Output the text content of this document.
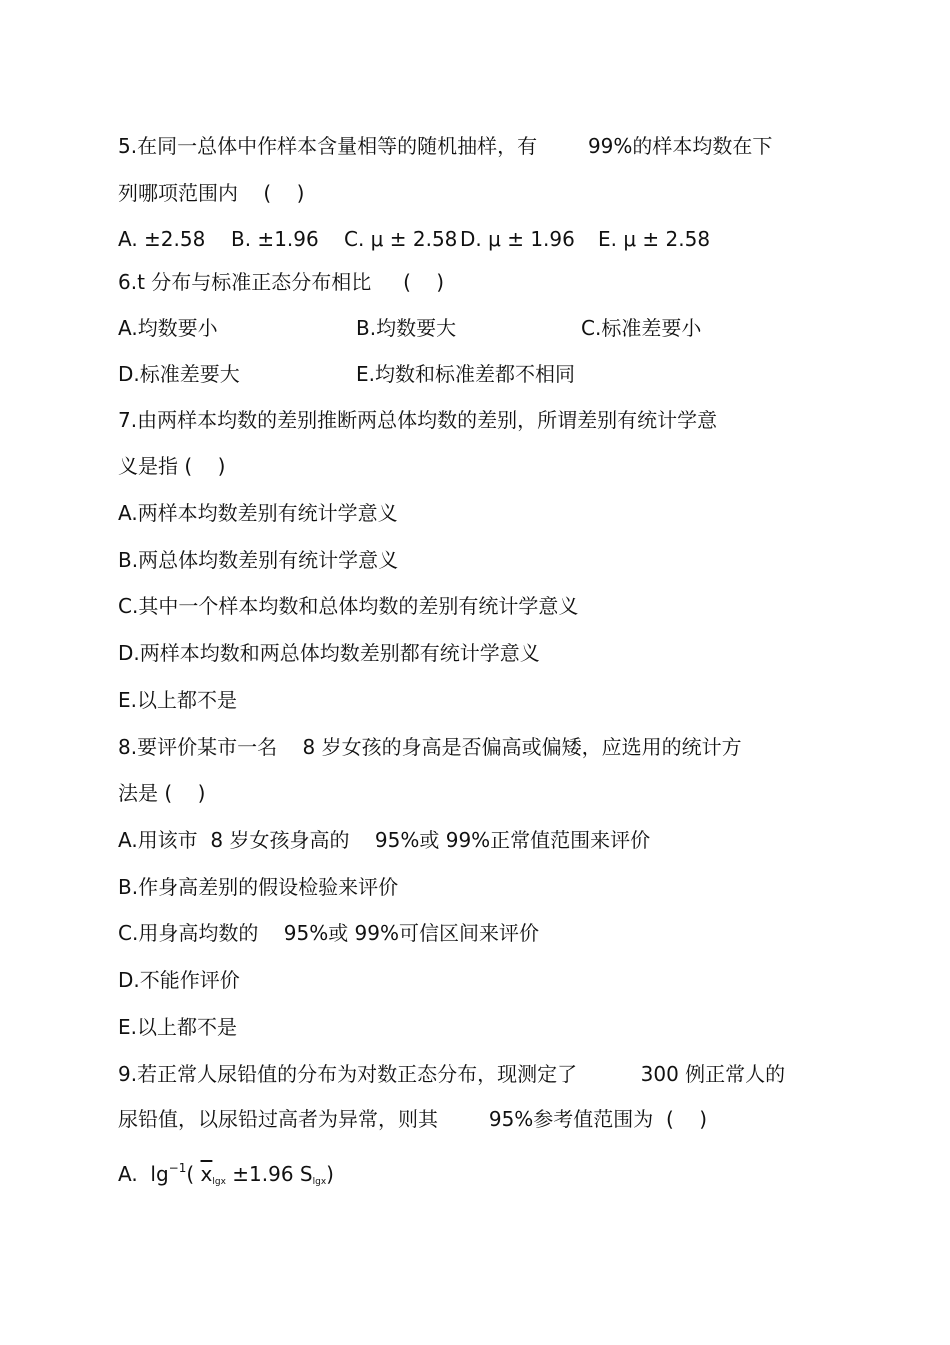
5.在同一总体中作样本含量相等的随机抽样，有        99%的样本均数在下

列哪项范围内    (    )

A. ±2.58 B. ±1.96 C. μ ± 2.58 D. μ ± 1.96 E. μ ± 2.58

6.t 分布与标准正态分布相比     (    )

A.均数要小	B.均数要大	C.标准差要小
D.标准差要大	E.均数和标准差都不相同

7.由两样本均数的差别推断两总体均数的差别，所谓差别有统计学意

义是指 (    )

A.两样本均数差别有统计学意义

B.两总体均数差别有统计学意义

C.其中一个样本均数和总体均数的差别有统计学意义

D.两样本均数和两总体均数差别都有统计学意义

E.以上都不是

8.要评价某市一名    8 岁女孩的身高是否偏高或偏矮，应选用的统计方

法是 (    )

A.用该市  8 岁女孩身高的    95%或 99%正常值范围来评价

B.作身高差别的假设检验来评价

C.用身高均数的    95%或 99%可信区间来评价

D.不能作评价

E.以上都不是

9.若正常人尿铅值的分布为对数正态分布，现测定了          300 例正常人的

尿铅值，以尿铅过高者为异常，则其        95%参考值范围为  (    )

A.  $\lg^{-1}$( $\overline{x}_{lgx} \pm 1.96$ $S_{lgx}$)
